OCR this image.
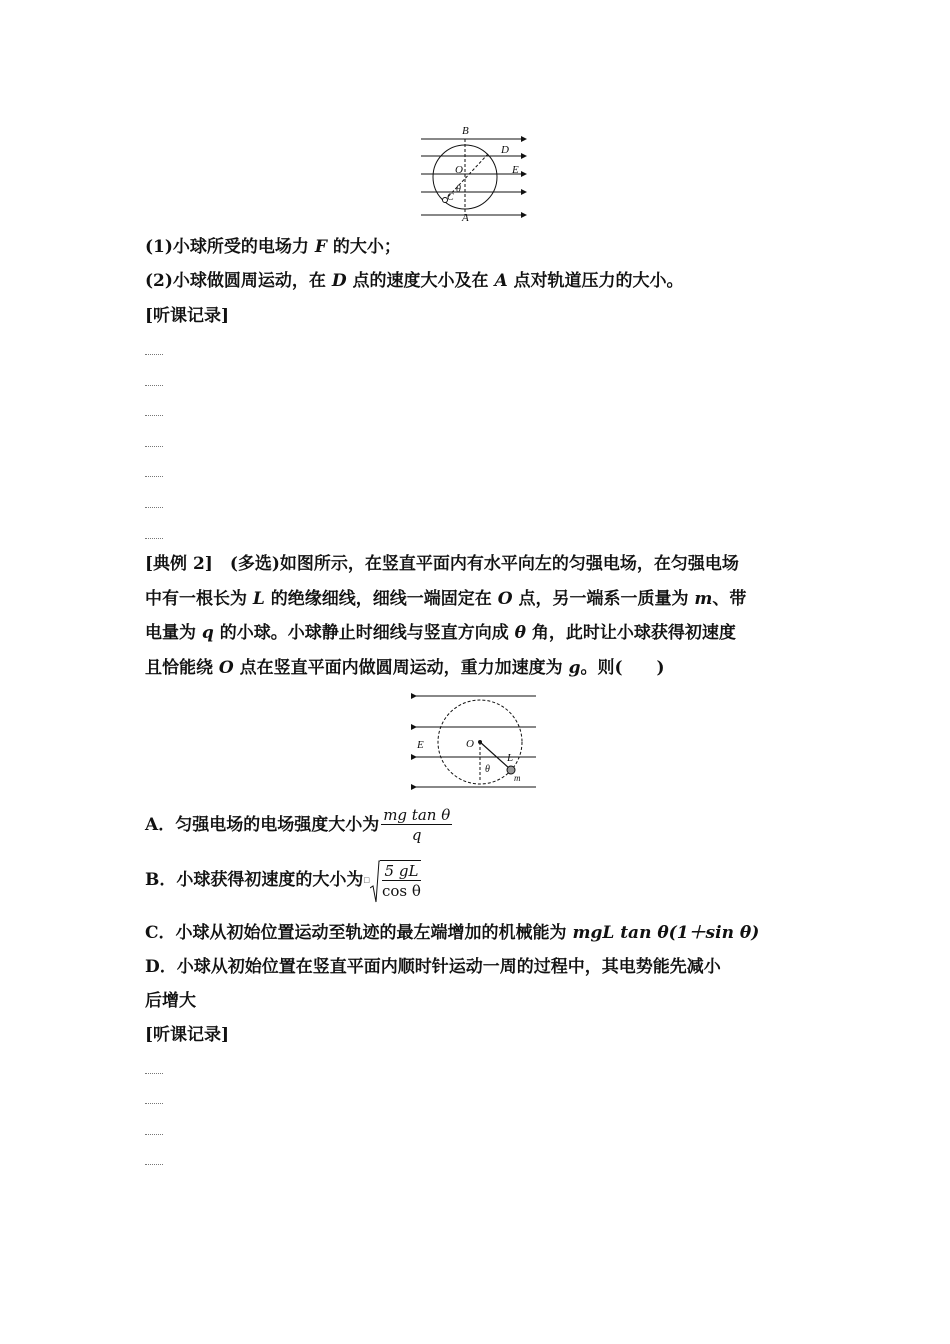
B
D
O	E
θ
C
A
(1)小球所受的电场力 F 的大小；
(2)小球做圆周运动，在 D 点的速度大小及在 A 点对轨道压力的大小。
[听课记录]
[典例 2]　(多选)如图所示，在竖直平面内有水平向左的匀强电场，在匀强电场
中有一根长为 L 的绝缘细线，细线一端固定在 O 点，另一端系一质量为 m、带
电量为 q 的小球。小球静止时细线与竖直方向成 θ 角，此时让小球获得初速度
且恰能绕 O 点在竖直平面内做圆周运动，重力加速度为 g。则(　　)
E	O
L
θ
m
A．匀强电场的电场强度大小为 $\frac{\text{mg tan θ}}{q}$
B．小球获得初速度的大小为$^□ \frac{5 gL}{\text{cos θ}}$
C．小球从初始位置运动至轨迹的最左端增加的机械能为 mgL tan θ(1＋sin θ)
D．小球从初始位置在竖直平面内顺时针运动一周的过程中，其电势能先减小
后增大
[听课记录]
